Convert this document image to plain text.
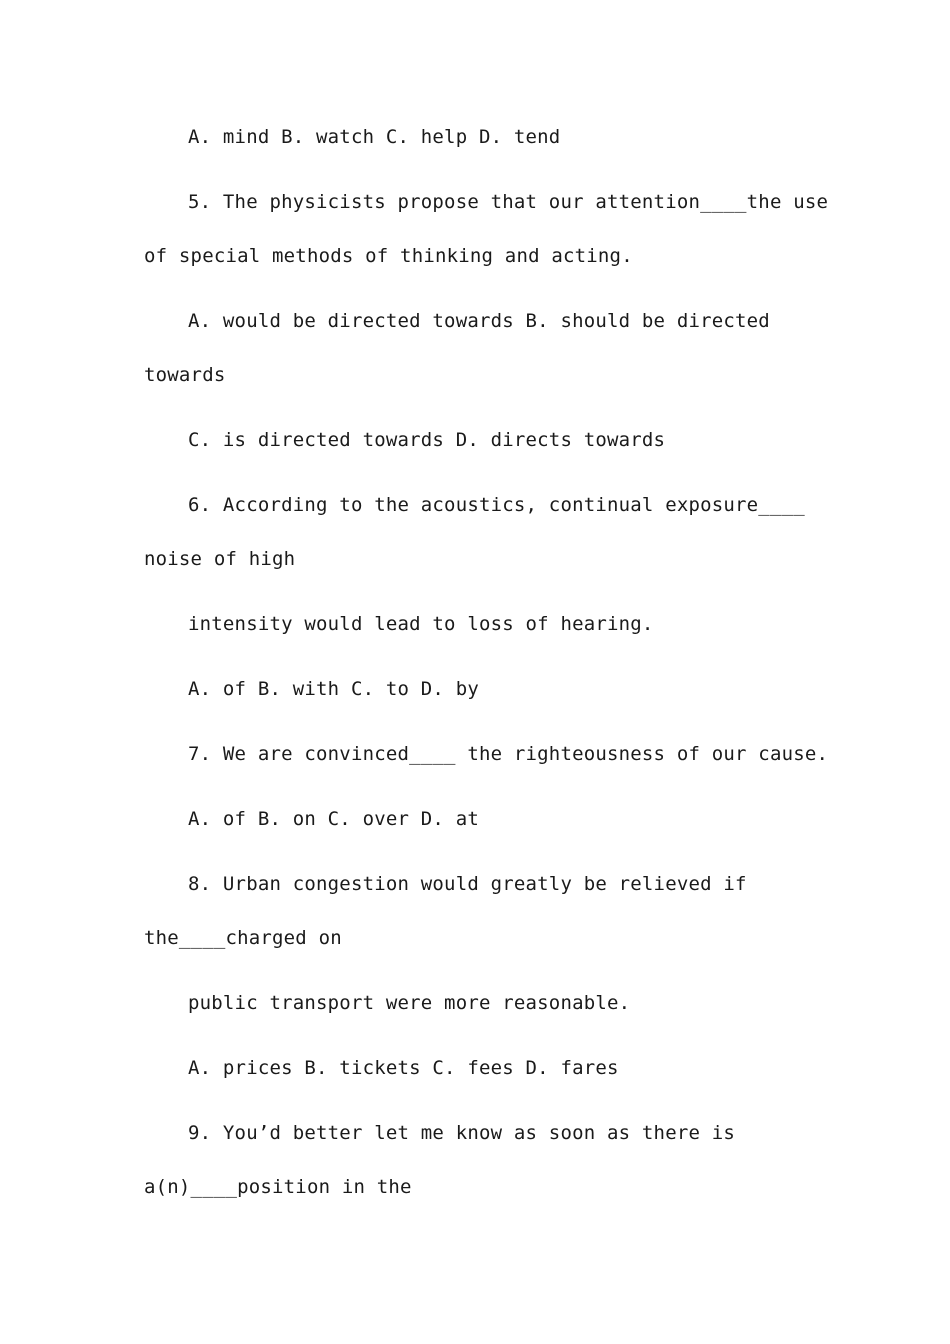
A. mind B. watch C. help D. tend
5. The physicists propose that our attention____the use
of special methods of thinking and acting.
A. would be directed towards B. should be directed
towards
C. is directed towards D. directs towards
6. According to the acoustics, continual exposure____
noise of high
intensity would lead to loss of hearing.
A. of B. with C. to D. by
7. We are convinced____ the righteousness of our cause.
A. of B. on C. over D. at
8. Urban congestion would greatly be relieved if
the____charged on
public transport were more reasonable.
A. prices B. tickets C. fees D. fares
9. You’d better let me know as soon as there is
a(n)____position in the
